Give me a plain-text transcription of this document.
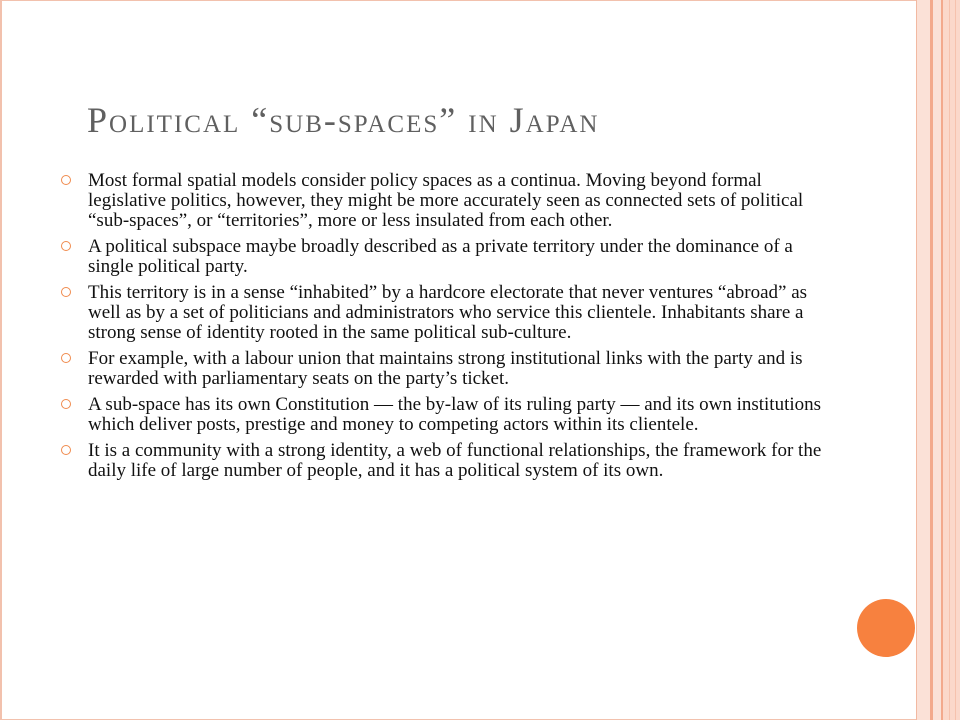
Political “sub-spaces” in Japan
Most formal spatial models consider policy spaces as a continua. Moving beyond formal legislative politics, however, they might be more accurately seen as connected sets of political “sub-spaces”, or “territories”, more or less insulated from each other.
A political subspace maybe broadly described as a private territory under the dominance of a single political party.
This territory is in a sense “inhabited” by a hardcore electorate that never ventures “abroad” as well as by a set of politicians and administrators who service this clientele. Inhabitants share a strong sense of identity rooted in the same political sub-culture.
For example, with a labour union that maintains strong institutional links with the party and is rewarded with parliamentary seats on the party’s ticket.
A sub-space has its own Constitution — the by-law of its ruling party — and its own institutions which deliver posts, prestige and money to competing actors within its clientele.
It is a community with a strong identity, a web of functional relationships, the framework for the daily life of large number of people, and it has a political system of its own.
